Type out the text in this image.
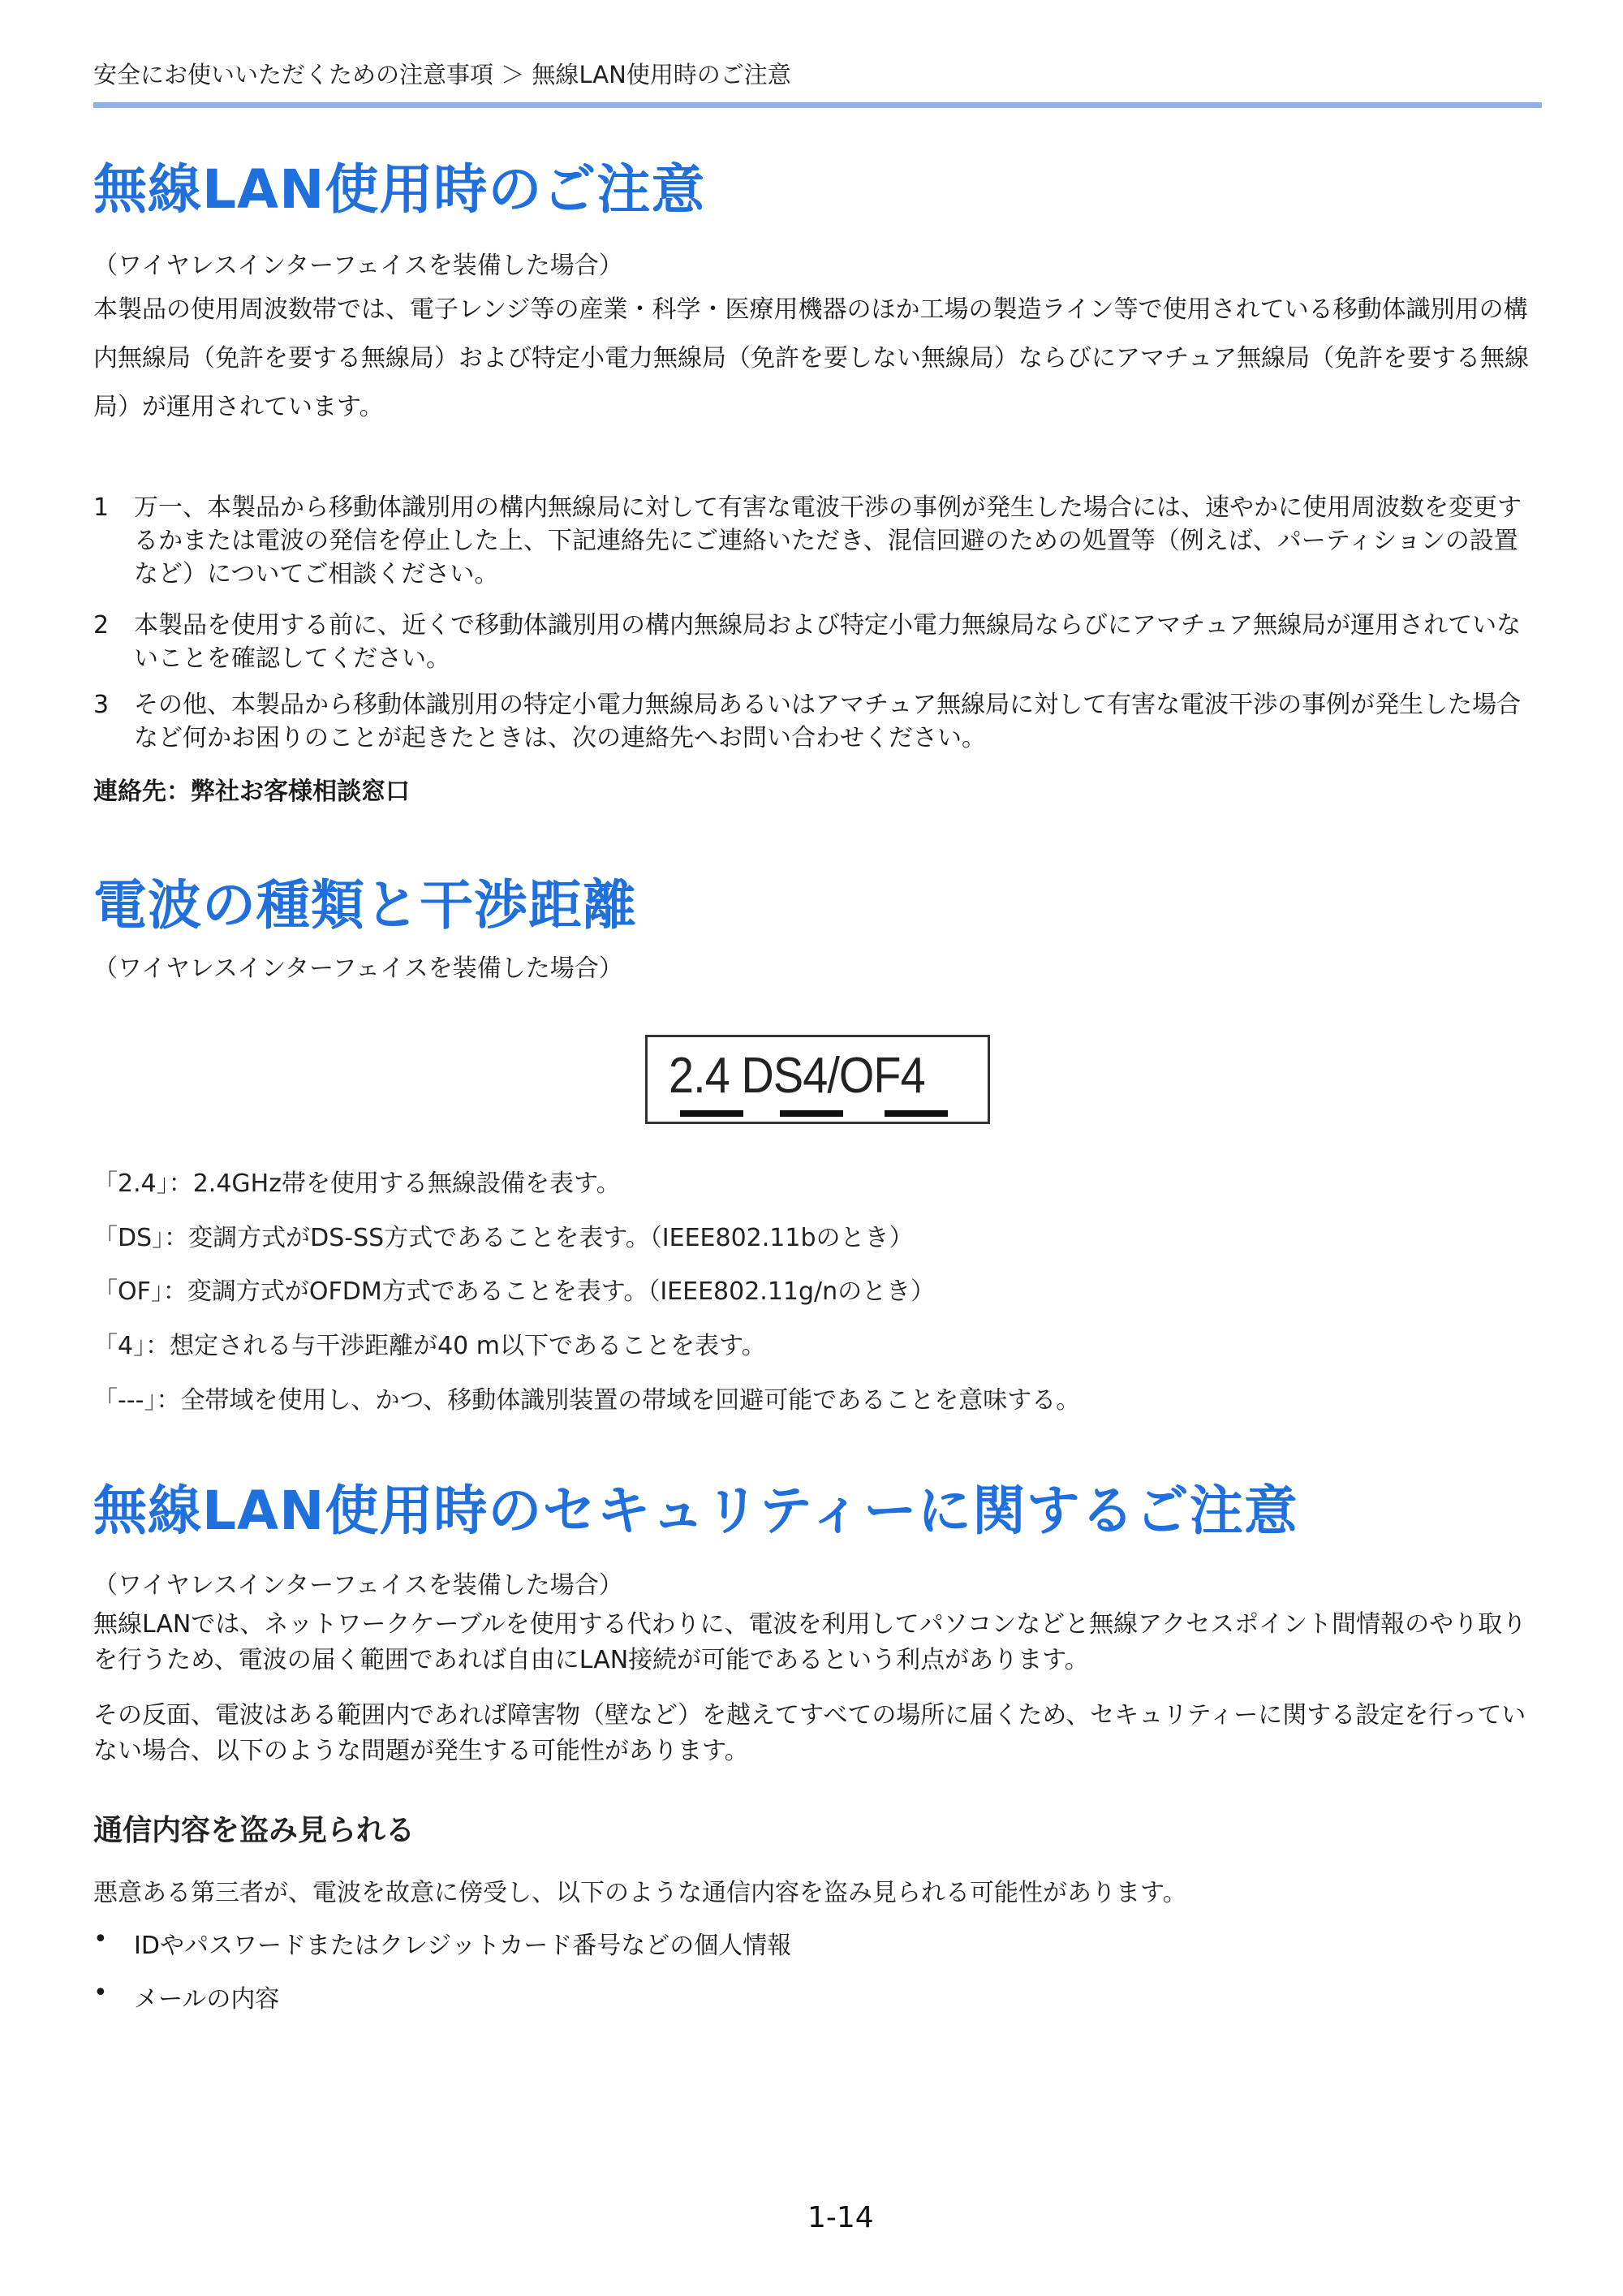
安全にお使いいただくための注意事項 ＞ 無線LAN使用時のご注意
無線LAN使用時のご注意

（ワイヤレスインターフェイスを装備した場合）

本製品の使用周波数帯では、電子レンジ等の産業・科学・医療用機器のほか工場の製造ライン等で使用されている移動体識別用の構内無線局（免許を要する無線局）および特定小電力無線局（免許を要しない無線局）ならびにアマチュア無線局（免許を要する無線局）が運用されています。

1 万一、本製品から移動体識別用の構内無線局に対して有害な電波干渉の事例が発生した場合には、速やかに使用周波数を変更するかまたは電波の発信を停止した上、下記連絡先にご連絡いただき、混信回避のための処置等（例えば、パーティションの設置など）についてご相談ください。
2 本製品を使用する前に、近くで移動体識別用の構内無線局および特定小電力無線局ならびにアマチュア無線局が運用されていないことを確認してください。
3 その他、本製品から移動体識別用の特定小電力無線局あるいはアマチュア無線局に対して有害な電波干渉の事例が発生した場合など何かお困りのことが起きたときは、次の連絡先へお問い合わせください。
連絡先：弊社お客様相談窓口
電波の種類と干渉距離

（ワイヤレスインターフェイスを装備した場合）

2.4 DS4/OF4

「2.4」：2.4GHz帯を使用する無線設備を表す。

「DS」：変調方式がDS-SS方式であることを表す。（IEEE802.11bのとき）

「OF」：変調方式がOFDM方式であることを表す。（IEEE802.11g/nのとき）

「4」：想定される与干渉距離が40 m以下であることを表す。

「---」：全帯域を使用し、かつ、移動体識別装置の帯域を回避可能であることを意味する。

無線LAN使用時のセキュリティーに関するご注意

（ワイヤレスインターフェイスを装備した場合）

無線LANでは、ネットワークケーブルを使用する代わりに、電波を利用してパソコンなどと無線アクセスポイント間情報のやり取りを行うため、電波の届く範囲であれば自由にLAN接続が可能であるという利点があります。

その反面、電波はある範囲内であれば障害物（壁など）を越えてすべての場所に届くため、セキュリティーに関する設定を行っていない場合、以下のような問題が発生する可能性があります。

通信内容を盗み見られる

悪意ある第三者が、電波を故意に傍受し、以下のような通信内容を盗み見られる可能性があります。

• IDやパスワードまたはクレジットカード番号などの個人情報
• メールの内容
1-14
